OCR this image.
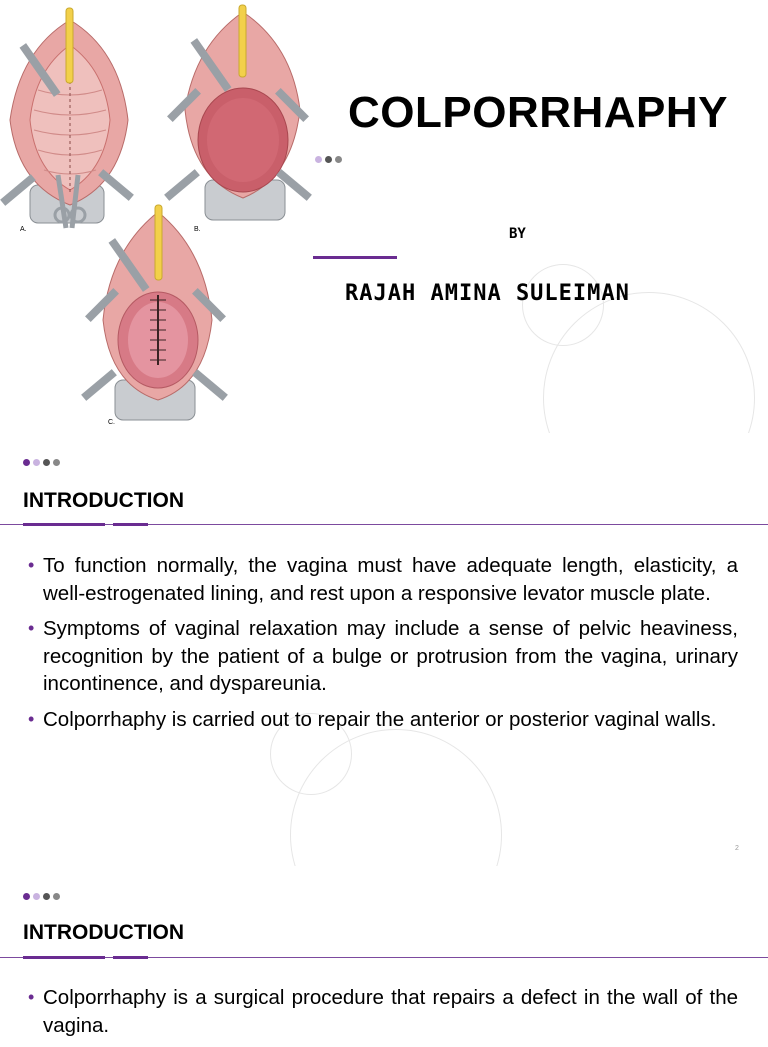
A.	B.
C.
COLPORRHAPHY
BY
RAJAH AMINA SULEIMAN
INTRODUCTION
• To function normally, the vagina must have adequate length, elasticity, a well-estrogenated lining, and rest upon a responsive levator muscle plate.
• Symptoms of vaginal relaxation may include a sense of pelvic heaviness, recognition by the patient of a bulge or protrusion from the vagina, urinary incontinence, and dyspareunia.
• Colporrhaphy is carried out to repair the anterior or posterior vaginal walls.
2
INTRODUCTION
• Colporrhaphy is a surgical procedure that repairs a defect in the wall of the vagina.
